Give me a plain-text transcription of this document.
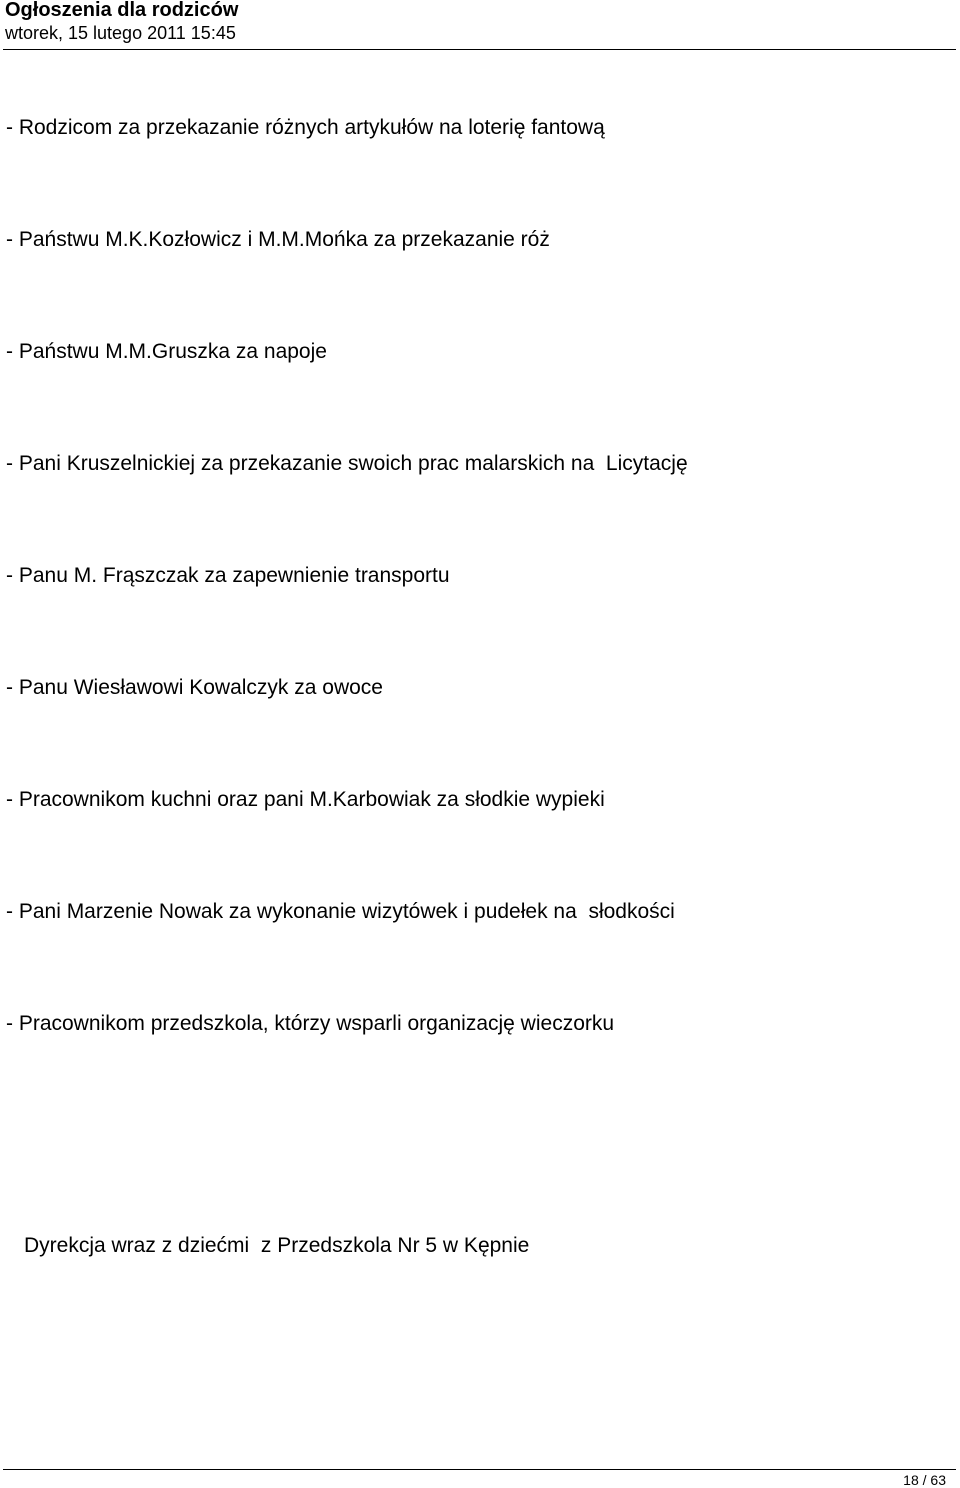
Ogłoszenia dla rodziców
wtorek, 15 lutego 2011 15:45
- Rodzicom za przekazanie różnych artykułów na loterię fantową
- Państwu M.K.Kozłowicz i M.M.Mońka za przekazanie róż
- Państwu M.M.Gruszka za napoje
- Pani Kruszelnickiej za przekazanie swoich prac malarskich na  Licytację
- Panu M. Frąszczak za zapewnienie transportu
- Panu Wiesławowi Kowalczyk za owoce
- Pracownikom kuchni oraz pani M.Karbowiak za słodkie wypieki
- Pani Marzenie Nowak za wykonanie wizytówek i pudełek na  słodkości
- Pracownikom przedszkola, którzy wsparli organizację wieczorku
Dyrekcja wraz z dziećmi  z Przedszkola Nr 5 w Kępnie
18 / 63
